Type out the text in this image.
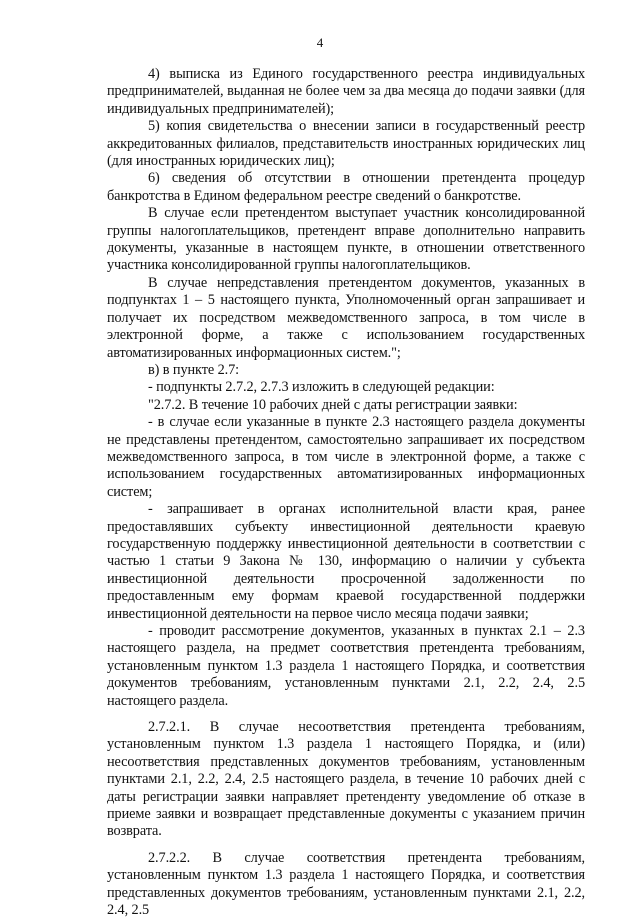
4

4) выписка из Единого государственного реестра индивидуальных предпринимателей, выданная не более чем за два месяца до подачи заявки (для индивидуальных предпринимателей);

5) копия свидетельства о внесении записи в государственный реестр аккредитованных филиалов, представительств иностранных юридических лиц (для иностранных юридических лиц);

6) сведения об отсутствии в отношении претендента процедур банкротства в Едином федеральном реестре сведений о банкротстве.

В случае если претендентом выступает участник консолидированной группы налогоплательщиков, претендент вправе дополнительно направить документы, указанные в настоящем пункте, в отношении ответственного участника консолидированной группы налогоплательщиков.

В случае непредставления претендентом документов, указанных в подпунктах 1 – 5 настоящего пункта, Уполномоченный орган запрашивает и получает их посредством межведомственного запроса, в том числе в электронной форме, а также с использованием государственных автоматизированных информационных систем.";

в) в пункте 2.7:

- подпункты 2.7.2, 2.7.3 изложить в следующей редакции:

"2.7.2. В течение 10 рабочих дней с даты регистрации заявки:

- в случае если указанные в пункте 2.3 настоящего раздела документы не представлены претендентом, самостоятельно запрашивает их посредством межведомственного запроса, в том числе в электронной форме, а также с использованием государственных автоматизированных информационных систем;

- запрашивает в органах исполнительной власти края, ранее предоставлявших субъекту инвестиционной деятельности краевую государственную поддержку инвестиционной деятельности в соответствии с частью 1 статьи 9 Закона № 130, информацию о наличии у субъекта инвестиционной деятельности просроченной задолженности по предоставленным ему формам краевой государственной поддержки инвестиционной деятельности на первое число месяца подачи заявки;

- проводит рассмотрение документов, указанных в пунктах 2.1 – 2.3 настоящего раздела, на предмет соответствия претендента требованиям, установленным пунктом 1.3 раздела 1 настоящего Порядка, и соответствия документов требованиям, установленным пунктами 2.1, 2.2, 2.4, 2.5 настоящего раздела.

2.7.2.1. В случае несоответствия претендента требованиям, установленным пунктом 1.3 раздела 1 настоящего Порядка, и (или) несоответствия представленных документов требованиям, установленным пунктами 2.1, 2.2, 2.4, 2.5 настоящего раздела, в течение 10 рабочих дней с даты регистрации заявки направляет претенденту уведомление об отказе в приеме заявки и возвращает представленные документы с указанием причин возврата.

2.7.2.2. В случае соответствия претендента требованиям, установленным пунктом 1.3 раздела 1 настоящего Порядка, и соответствия представленных документов требованиям, установленным пунктами 2.1, 2.2, 2.4, 2.5
